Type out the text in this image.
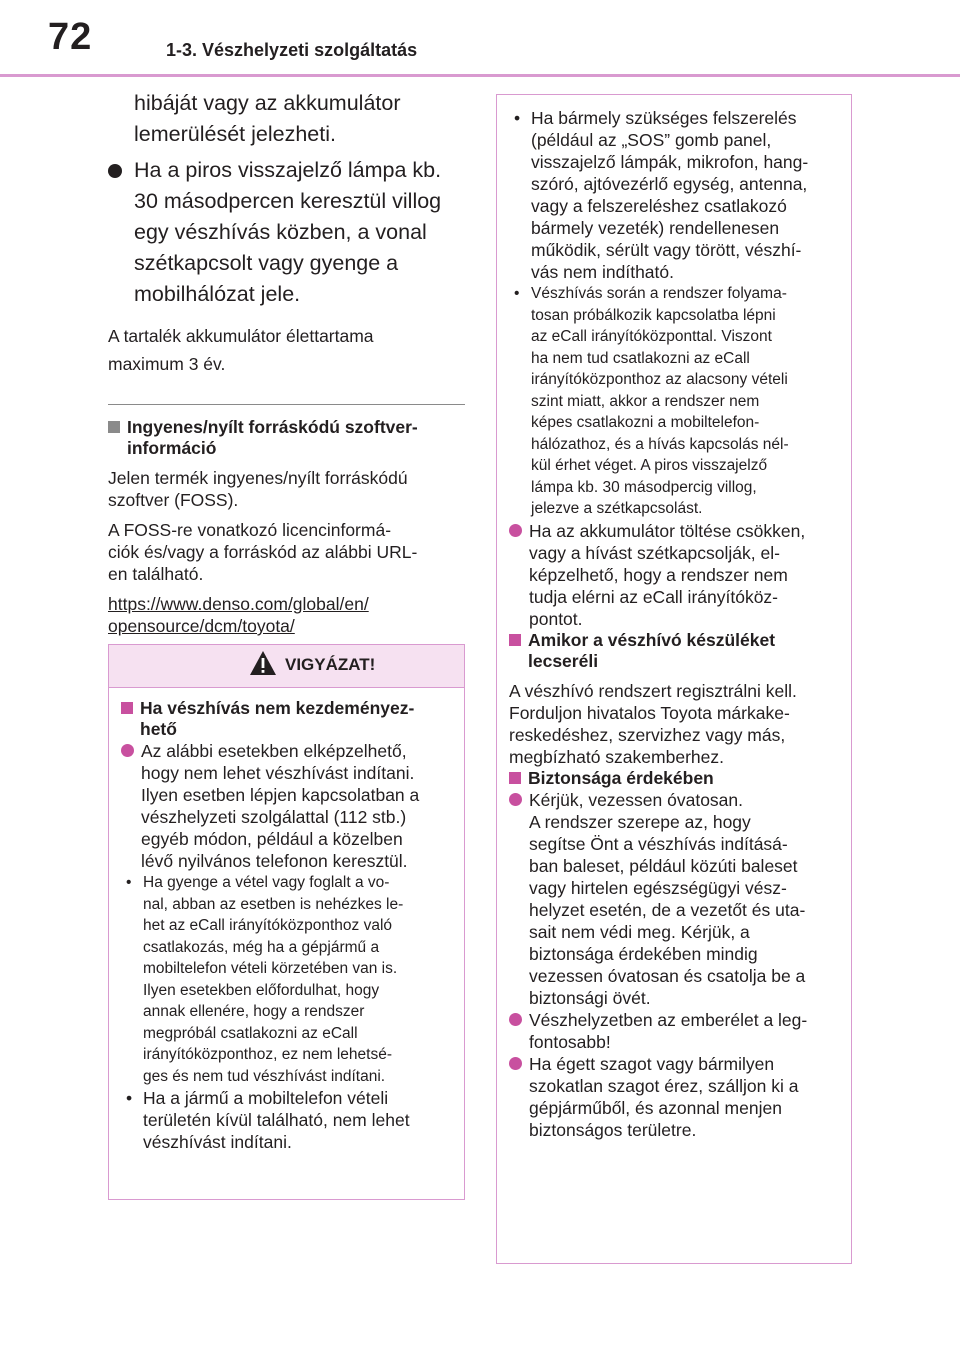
72	1-3. Vészhelyzeti szolgáltatás

hibáját vagy az akkumulátor
lemerülését jelezheti.

Ha a piros visszajelző lámpa kb.
30 másodpercen keresztül villog
egy vészhívás közben, a vonal
szétkapcsolt vagy gyenge a
mobilhálózat jele.

A tartalék akkumulátor élettartama
maximum 3 év.

Ingyenes/nyílt forráskódú szoftver-
információ

Jelen termék ingyenes/nyílt forráskódú
szoftver (FOSS).

A FOSS-re vonatkozó licencinformá-
ciók és/vagy a forráskód az alábbi URL-
en található.

https://www.denso.com/global/en/
opensource/dcm/toyota/

VIGYÁZAT!
Ha vészhívás nem kezdeményez-
hető
Az alábbi esetekben elképzelhető,
hogy nem lehet vészhívást indítani.
Ilyen esetben lépjen kapcsolatban a
vészhelyzeti szolgálattal (112 stb.)
egyéb módon, például a közelben
lévő nyilvános telefonon keresztül.
• Ha gyenge a vétel vagy foglalt a vo-
nal, abban az esetben is nehézkes le-
het az eCall irányítóközponthoz való
csatlakozás, még ha a gépjármű a
mobiltelefon vételi körzetében van is.
Ilyen esetekben előfordulhat, hogy
annak ellenére, hogy a rendszer
megpróbál csatlakozni az eCall
irányítóközponthoz, ez nem lehetsé-
ges és nem tud vészhívást indítani.
• Ha a jármű a mobiltelefon vételi
területén kívül található, nem lehet
vészhívást indítani.
• Ha bármely szükséges felszerelés
(például az „SOS” gomb panel,
visszajelző lámpák, mikrofon, hang-
szóró, ajtóvezérlő egység, antenna,
vagy a felszereléshez csatlakozó
bármely vezeték) rendellenesen
működik, sérült vagy törött, vészhí-
vás nem indítható.
• Vészhívás során a rendszer folyama-
tosan próbálkozik kapcsolatba lépni
az eCall irányítóközponttal. Viszont
ha nem tud csatlakozni az eCall
irányítóközponthoz az alacsony vételi
szint miatt, akkor a rendszer nem
képes csatlakozni a mobiltelefon-
hálózathoz, és a hívás kapcsolás nél-
kül érhet véget. A piros visszajelző
lámpa kb. 30 másodpercig villog,
jelezve a szétkapcsolást.
Ha az akkumulátor töltése csökken,
vagy a hívást szétkapcsolják, el-
képzelhető, hogy a rendszer nem
tudja elérni az eCall irányítóköz-
pontot.
Amikor a vészhívó készüléket
lecseréli

A vészhívó rendszert regisztrálni kell.
Forduljon hivatalos Toyota márkake-
reskedéshez, szervizhez vagy más,
megbízható szakemberhez.

Biztonsága érdekében
Kérjük, vezessen óvatosan.
A rendszer szerepe az, hogy
segítse Önt a vészhívás indításá-
ban baleset, például közúti baleset
vagy hirtelen egészségügyi vész-
helyzet esetén, de a vezetőt és uta-
sait nem védi meg. Kérjük, a
biztonsága érdekében mindig
vezessen óvatosan és csatolja be a
biztonsági övét.
Vészhelyzetben az emberélet a leg-
fontosabb!
Ha égett szagot vagy bármilyen
szokatlan szagot érez, szálljon ki a
gépjárműből, és azonnal menjen
biztonságos területre.
